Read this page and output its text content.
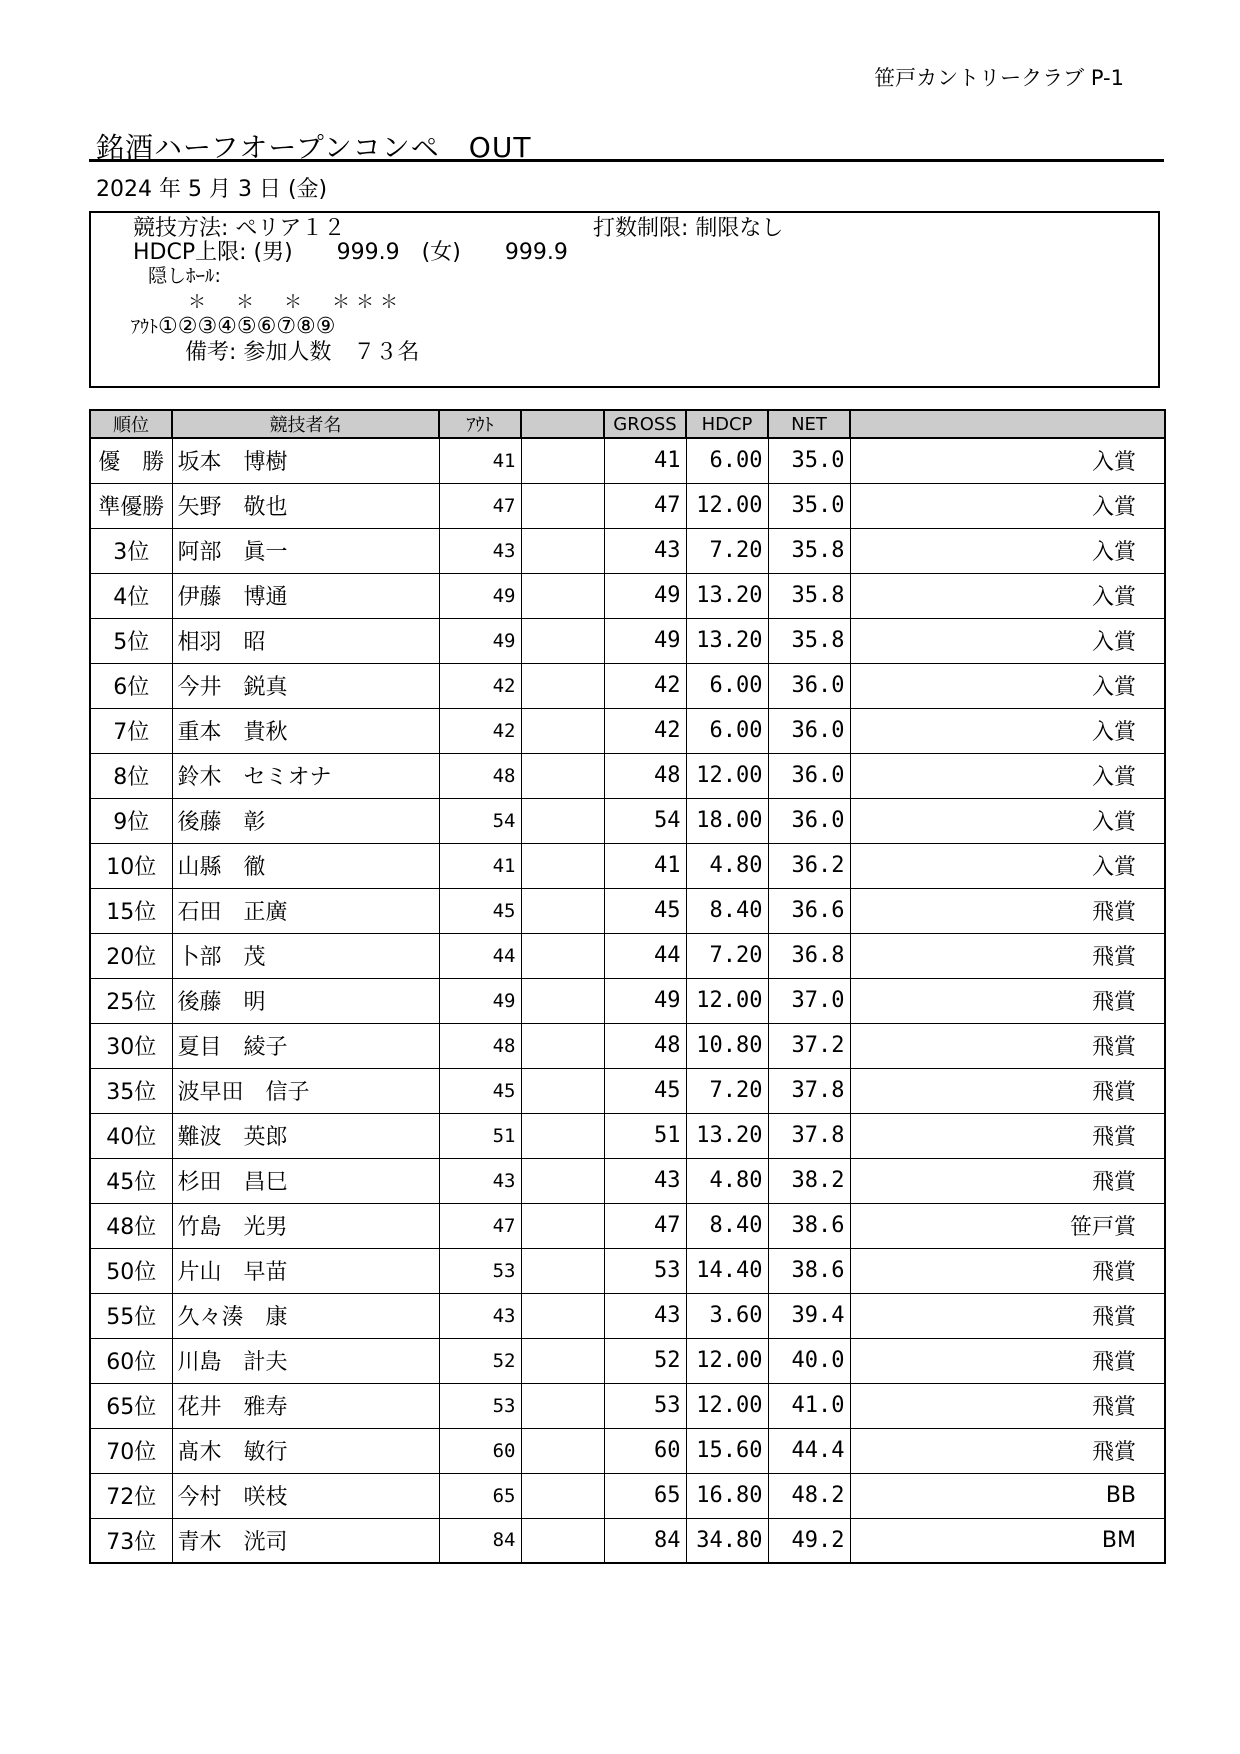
笹戸カントリークラブ P-1
銘酒ハーフオープンコンペ　OUT
2024 年 5 月 3 日 (金)
競技方法: ペリア１２	打数制限: 制限なし
HDCP上限: (男)　　999.9　(女)　　999.9
隠しﾎｰﾙ:
＊　＊　＊　＊＊＊
ｱｳﾄ①②③④⑤⑥⑦⑧⑨
備考: 参加人数　７３名
順位	競技者名	ｱｳﾄ		GROSS	HDCP	NET	
優　勝	坂本　博樹	41		41	6.00	35.0	入賞
準優勝	矢野　敬也	47		47	12.00	35.0	入賞
3位	阿部　眞一	43		43	7.20	35.8	入賞
4位	伊藤　博通	49		49	13.20	35.8	入賞
5位	相羽　昭	49		49	13.20	35.8	入賞
6位	今井　鋭真	42		42	6.00	36.0	入賞
7位	重本　貴秋	42		42	6.00	36.0	入賞
8位	鈴木　セミオナ	48		48	12.00	36.0	入賞
9位	後藤　彰	54		54	18.00	36.0	入賞
10位	山縣　徹	41		41	4.80	36.2	入賞
15位	石田　正廣	45		45	8.40	36.6	飛賞
20位	卜部　茂	44		44	7.20	36.8	飛賞
25位	後藤　明	49		49	12.00	37.0	飛賞
30位	夏目　綾子	48		48	10.80	37.2	飛賞
35位	波早田　信子	45		45	7.20	37.8	飛賞
40位	難波　英郎	51		51	13.20	37.8	飛賞
45位	杉田　昌巳	43		43	4.80	38.2	飛賞
48位	竹島　光男	47		47	8.40	38.6	笹戸賞
50位	片山　早苗	53		53	14.40	38.6	飛賞
55位	久々湊　康	43		43	3.60	39.4	飛賞
60位	川島　計夫	52		52	12.00	40.0	飛賞
65位	花井　雅寿	53		53	12.00	41.0	飛賞
70位	髙木　敏行	60		60	15.60	44.4	飛賞
72位	今村　咲枝	65		65	16.80	48.2	BB
73位	青木　洸司	84		84	34.80	49.2	BM
